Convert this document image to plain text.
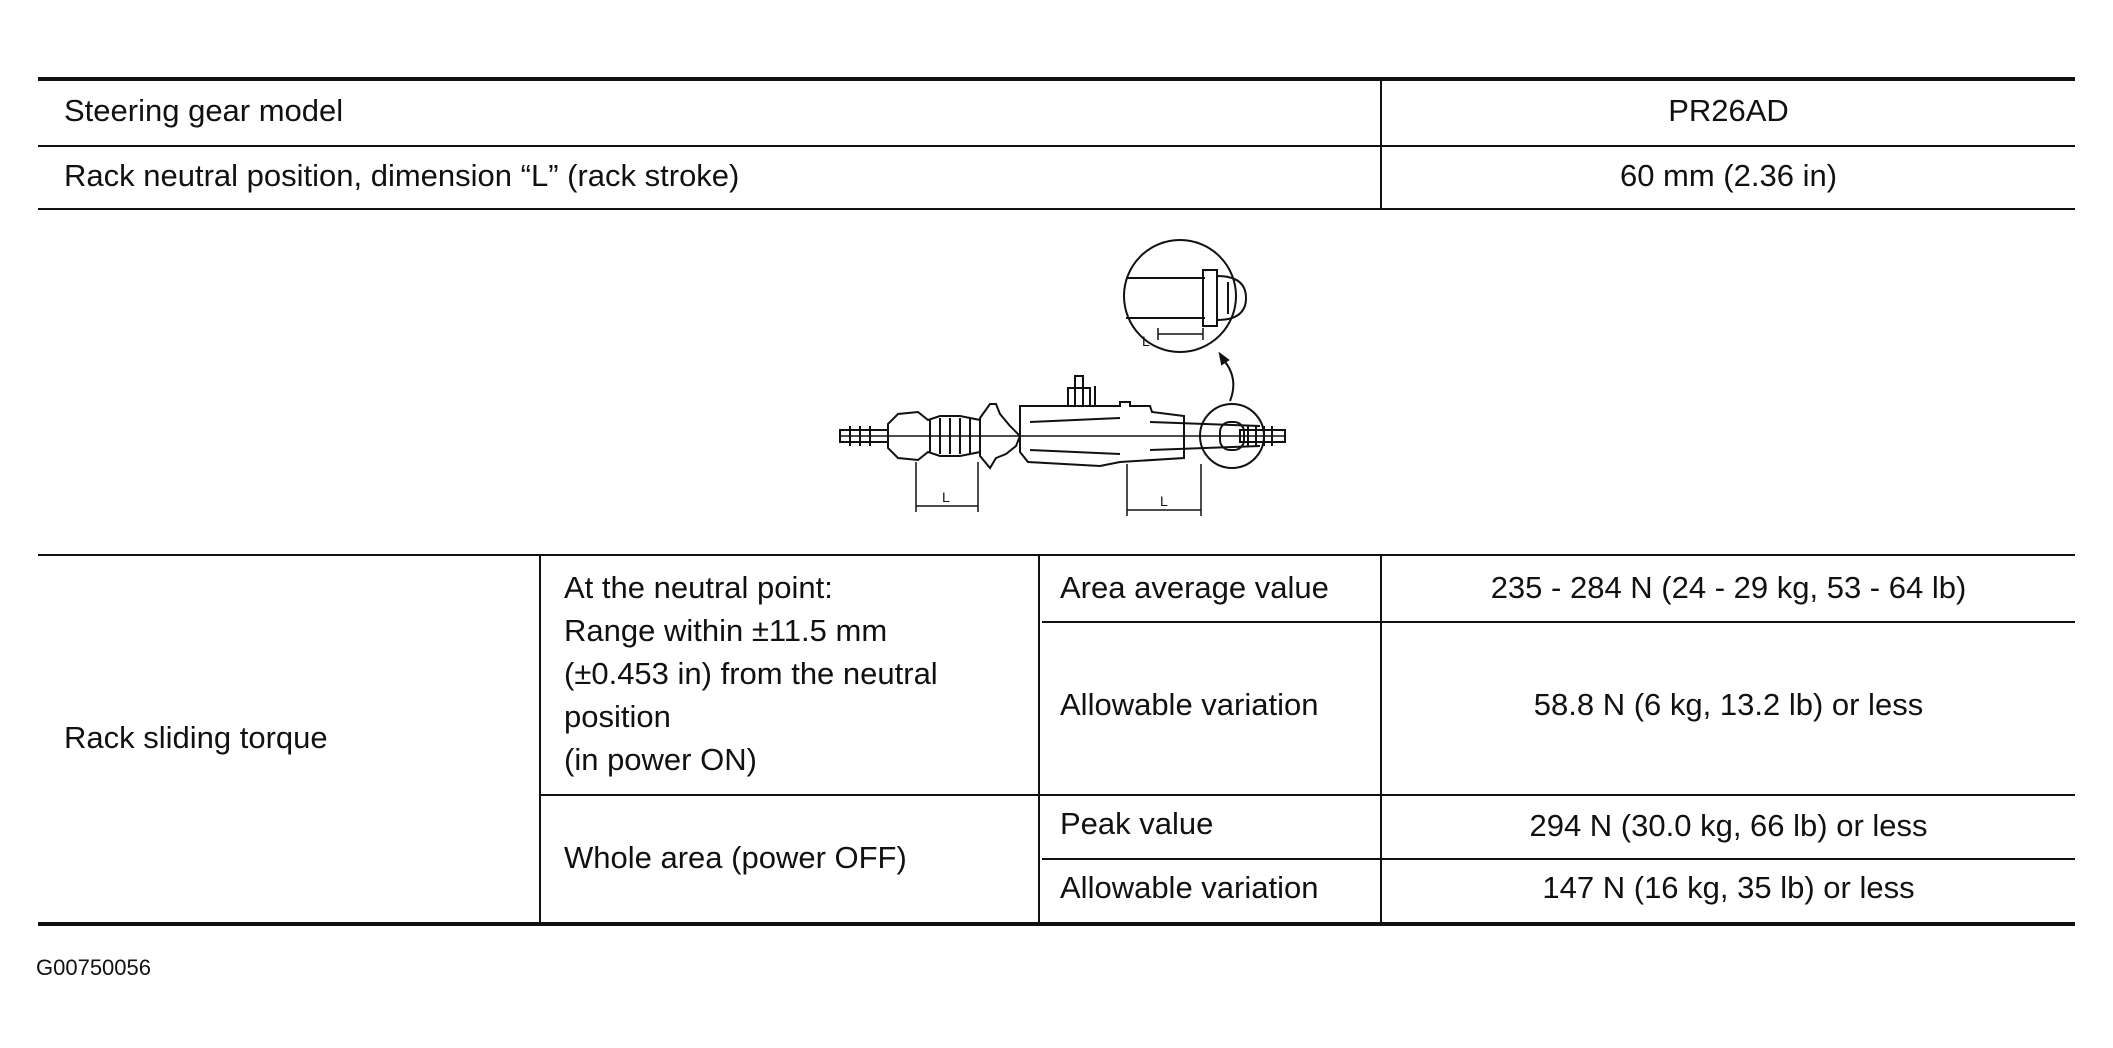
Steering gear model	PR26AD
Rack neutral position, dimension “L” (rack stroke)	60 mm (2.36 in)
L
L	L
Rack sliding torque
At the neutral point:
Range within ±11.5 mm
(±0.453 in) from the neutral
position
(in power ON)
Area average value	235 - 284 N (24 - 29 kg, 53 - 64 lb)
Allowable variation	58.8 N (6 kg, 13.2 lb) or less
Whole area (power OFF)
Peak value	294 N (30.0 kg, 66 lb) or less
Allowable variation	147 N (16 kg, 35 lb) or less
G00750056
